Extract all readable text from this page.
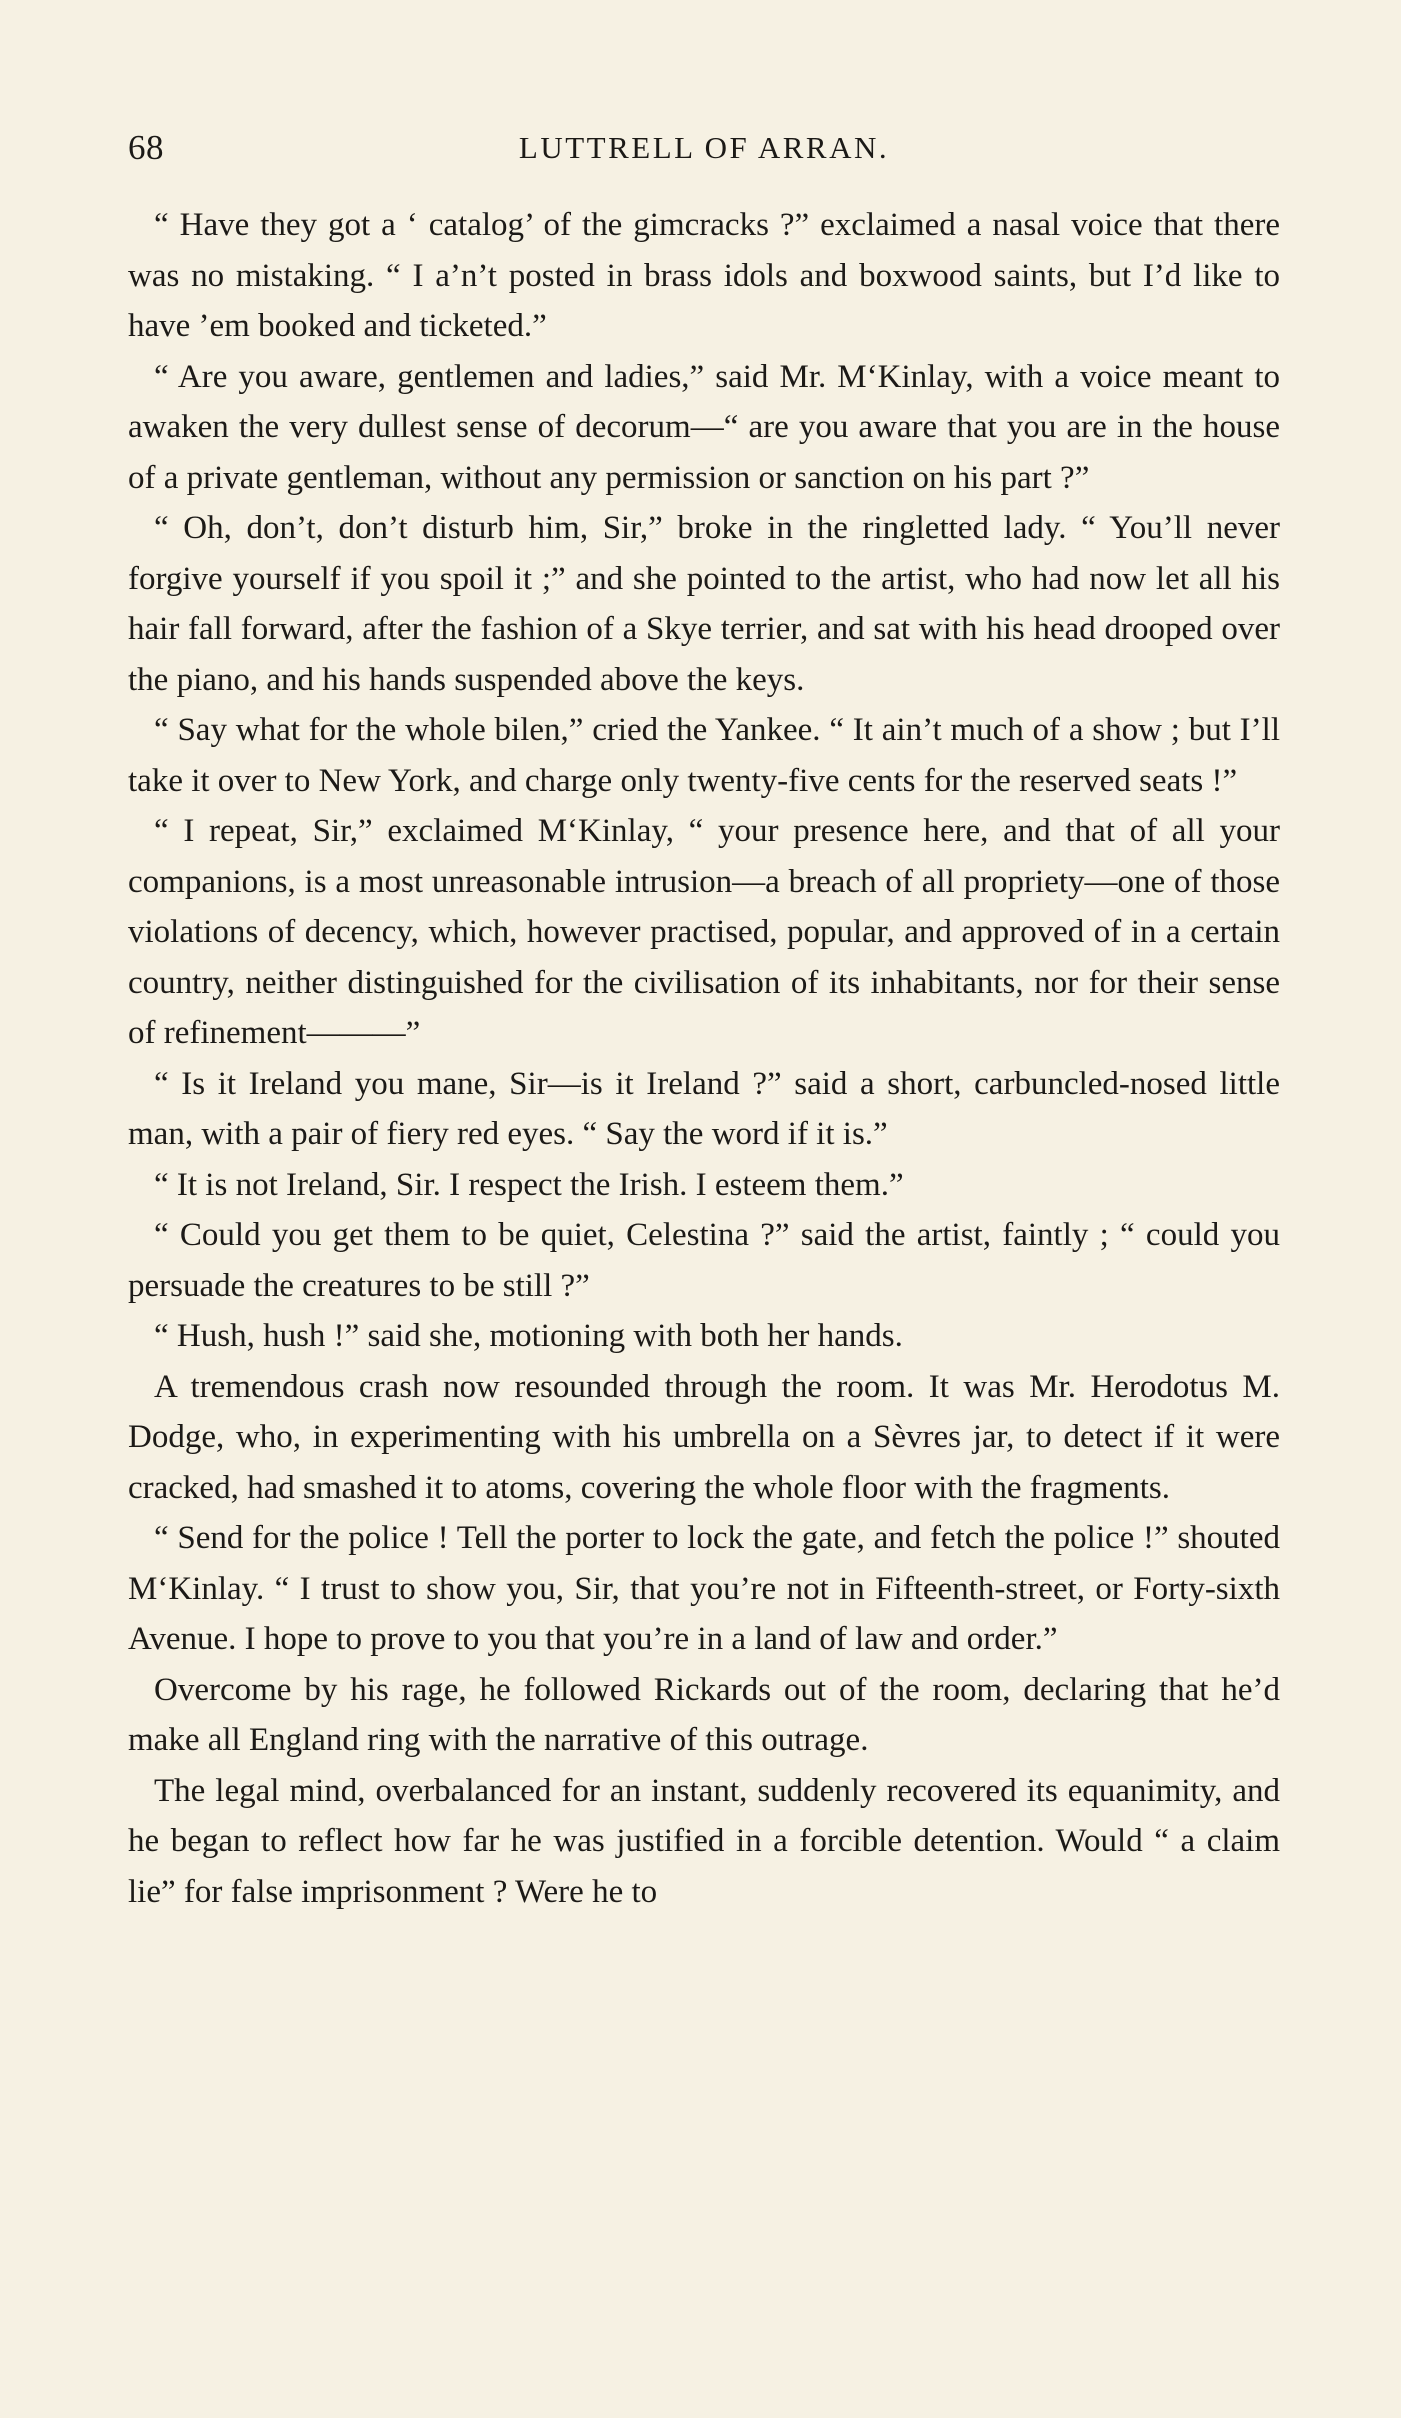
68	LUTTRELL OF ARRAN.

“ Have they got a ‘ catalog’ of the gimcracks ?” exclaimed a nasal voice that there was no mistaking. “ I a’n’t posted in brass idols and boxwood saints, but I’d like to have ’em booked and ticketed.”

“ Are you aware, gentlemen and ladies,” said Mr. M‘Kinlay, with a voice meant to awaken the very dullest sense of decorum—“ are you aware that you are in the house of a private gentleman, without any permission or sanction on his part ?”

“ Oh, don’t, don’t disturb him, Sir,” broke in the ringletted lady. “ You’ll never forgive yourself if you spoil it ;” and she pointed to the artist, who had now let all his hair fall forward, after the fashion of a Skye terrier, and sat with his head drooped over the piano, and his hands suspended above the keys.

“ Say what for the whole bilen,” cried the Yankee. “ It ain’t much of a show ; but I’ll take it over to New York, and charge only twenty-five cents for the reserved seats !”

“ I repeat, Sir,” exclaimed M‘Kinlay, “ your presence here, and that of all your companions, is a most unreasonable intrusion—a breach of all propriety—one of those violations of decency, which, however practised, popular, and approved of in a certain country, neither distinguished for the civilisation of its inhabitants, nor for their sense of refinement———”

“ Is it Ireland you mane, Sir—is it Ireland ?” said a short, carbuncled-nosed little man, with a pair of fiery red eyes. “ Say the word if it is.”

“ It is not Ireland, Sir. I respect the Irish. I esteem them.”

“ Could you get them to be quiet, Celestina ?” said the artist, faintly ; “ could you persuade the creatures to be still ?”

“ Hush, hush !” said she, motioning with both her hands.

A tremendous crash now resounded through the room. It was Mr. Herodotus M. Dodge, who, in experimenting with his umbrella on a Sèvres jar, to detect if it were cracked, had smashed it to atoms, covering the whole floor with the fragments.

“ Send for the police ! Tell the porter to lock the gate, and fetch the police !” shouted M‘Kinlay. “ I trust to show you, Sir, that you’re not in Fifteenth-street, or Forty-sixth Avenue. I hope to prove to you that you’re in a land of law and order.”

Overcome by his rage, he followed Rickards out of the room, declaring that he’d make all England ring with the narrative of this outrage.

The legal mind, overbalanced for an instant, suddenly recovered its equanimity, and he began to reflect how far he was justified in a forcible detention. Would “ a claim lie” for false imprisonment ? Were he to
